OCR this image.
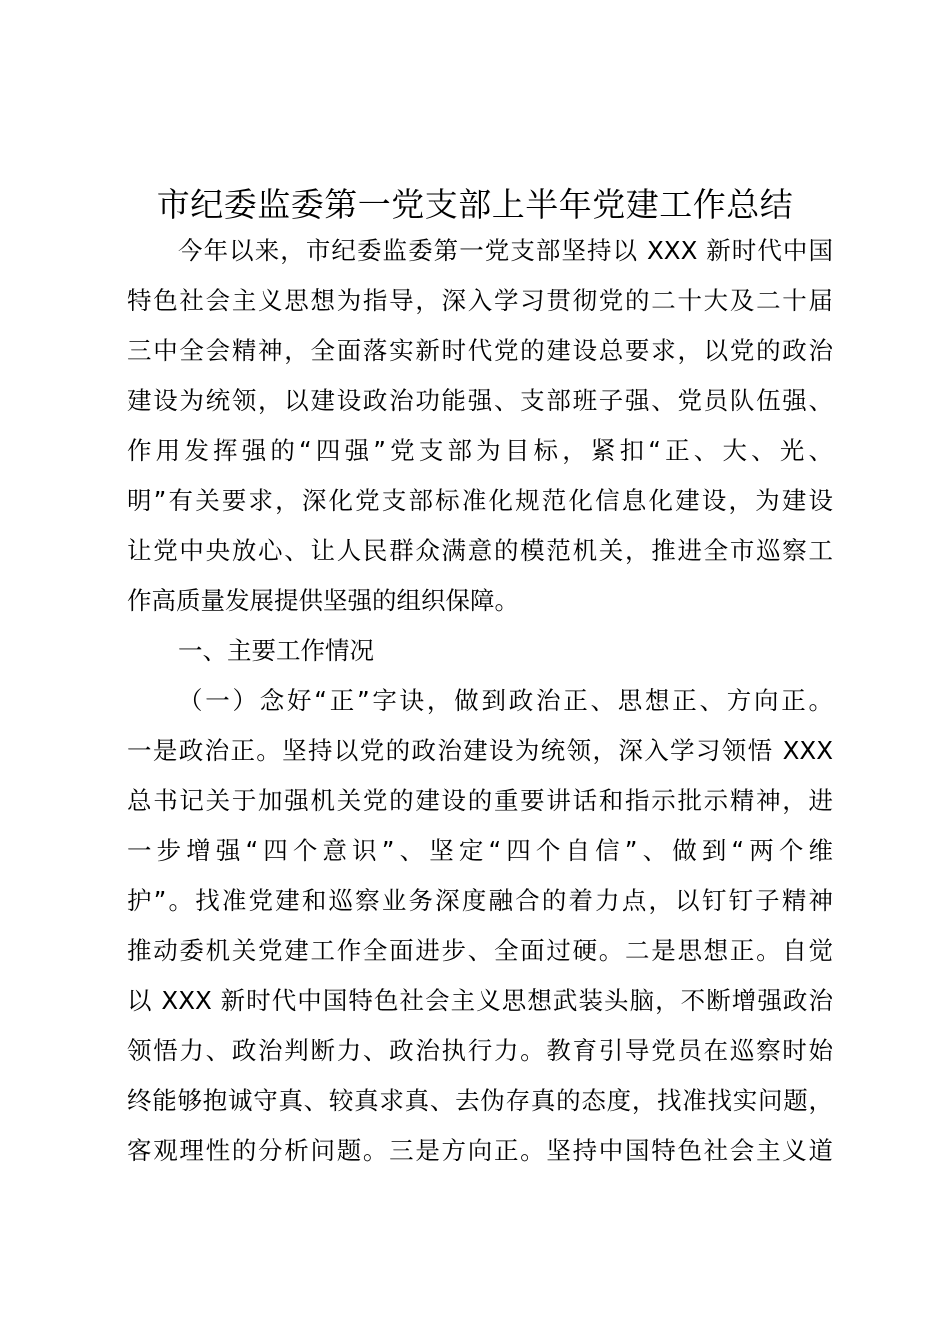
市纪委监委第一党支部上半年党建工作总结
今年以来，市纪委监委第一党支部坚持以 XXX 新时代中国
特色社会主义思想为指导，深入学习贯彻党的二十大及二十届
三中全会精神，全面落实新时代党的建设总要求，以党的政治
建设为统领，以建设政治功能强、支部班子强、党员队伍强、
作用发挥强的“四强”党支部为目标，紧扣“正、大、光、
明”有关要求，深化党支部标准化规范化信息化建设，为建设
让党中央放心、让人民群众满意的模范机关，推进全市巡察工
作高质量发展提供坚强的组织保障。
一、主要工作情况
（一）念好“正”字诀，做到政治正、思想正、方向正。
一是政治正。坚持以党的政治建设为统领，深入学习领悟 XXX
总书记关于加强机关党的建设的重要讲话和指示批示精神，进
一步增强“四个意识”、坚定“四个自信”、做到“两个维
护”。找准党建和巡察业务深度融合的着力点，以钉钉子精神
推动委机关党建工作全面进步、全面过硬。二是思想正。自觉
以 XXX 新时代中国特色社会主义思想武装头脑，不断增强政治
领悟力、政治判断力、政治执行力。教育引导党员在巡察时始
终能够抱诚守真、较真求真、去伪存真的态度，找准找实问题，
客观理性的分析问题。三是方向正。坚持中国特色社会主义道
